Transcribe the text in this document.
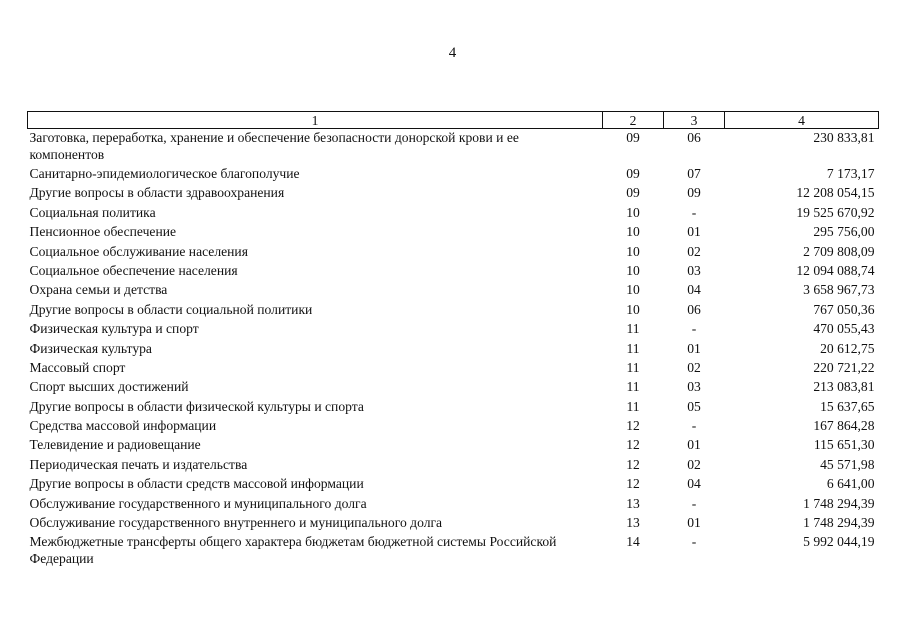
4
1	2	3	4
Заготовка, переработка, хранение и обеспечение безопасности донорской крови и ее компонентов	09	06	230 833,81
Санитарно-эпидемиологическое благополучие	09	07	7 173,17
Другие вопросы в области здравоохранения	09	09	12 208 054,15
Социальная политика	10	-	19 525 670,92
Пенсионное обеспечение	10	01	295 756,00
Социальное обслуживание населения	10	02	2 709 808,09
Социальное обеспечение населения	10	03	12 094 088,74
Охрана семьи и детства	10	04	3 658 967,73
Другие вопросы в области социальной политики	10	06	767 050,36
Физическая культура и спорт	11	-	470 055,43
Физическая культура	11	01	20 612,75
Массовый спорт	11	02	220 721,22
Спорт высших достижений	11	03	213 083,81
Другие вопросы в области физической культуры и спорта	11	05	15 637,65
Средства массовой информации	12	-	167 864,28
Телевидение и радиовещание	12	01	115 651,30
Периодическая печать и издательства	12	02	45 571,98
Другие вопросы в области средств массовой информации	12	04	6 641,00
Обслуживание государственного и муниципального долга	13	-	1 748 294,39
Обслуживание государственного внутреннего и муниципального долга	13	01	1 748 294,39
Межбюджетные трансферты общего характера бюджетам бюджетной системы Российской Федерации	14	-	5 992 044,19
